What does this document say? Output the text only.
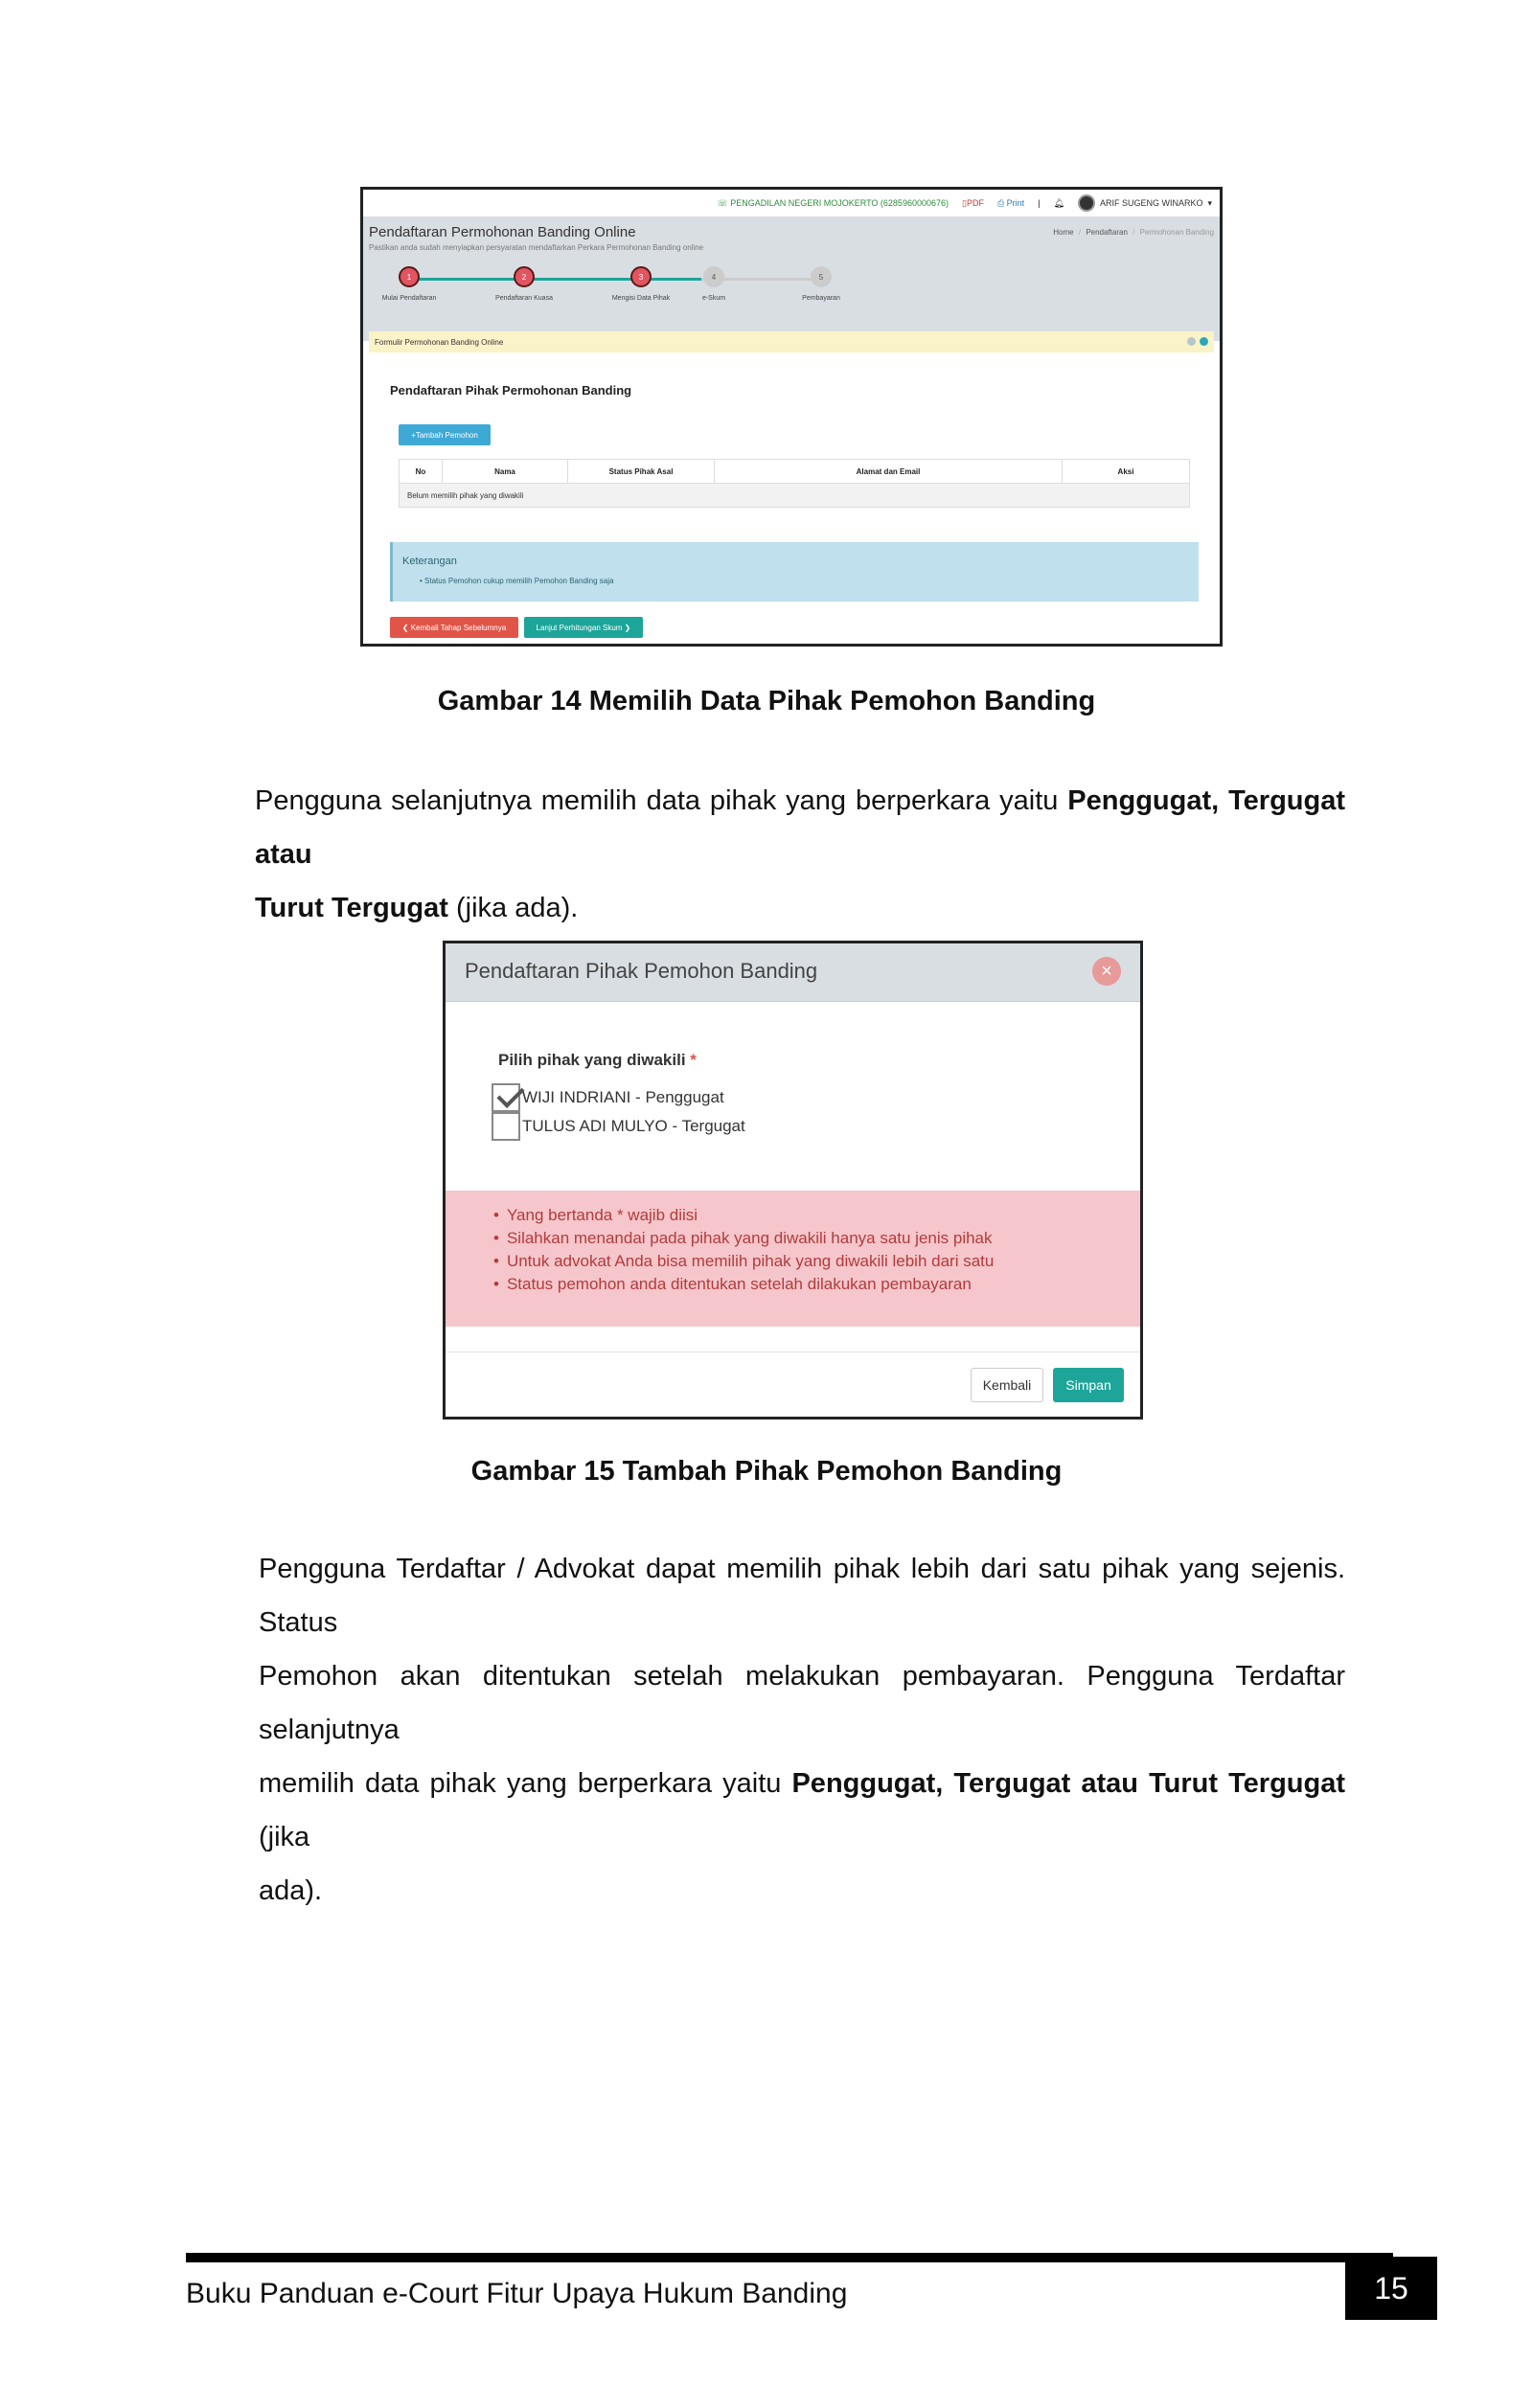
☏ PENGADILAN NEGERI MOJOKERTO (6285960000676) ▯PDF ⎙ Print | 🔔︎	ARIF SUGENG WINARKO ▾
Pendaftaran Permohonan Banding Online
Pastikan anda sudah menyiapkan persyaratan mendaftarkan Perkara Permohonan Banding online
Home / Pendaftaran / Permohonan Banding
1
Mulai Pendaftaran
2
Pendaftaran Kuasa
3
Mengisi Data Pihak
4
e-Skum
5
Pembayaran
Formulir Permohonan Banding Online
Pendaftaran Pihak Permohonan Banding
+Tambah Pemohon
No	Nama	Status Pihak Asal	Alamat dan Email	Aksi
Belum memilih pihak yang diwakili
Keterangan
• Status Pemohon cukup memilih Pemohon Banding saja
❮ Kembali Tahap Sebelumnya	Lanjut Perhitungan Skum ❯
Gambar 14 Memilih Data Pihak Pemohon Banding
Pengguna selanjutnya memilih data pihak yang berperkara yaitu Penggugat, Tergugat atau
Turut Tergugat (jika ada).
Pendaftaran Pihak Pemohon Banding	×
Pilih pihak yang diwakili *
WIJI INDRIANI - Penggugat
TULUS ADI MULYO - Tergugat
• Yang bertanda * wajib diisi
• Silahkan menandai pada pihak yang diwakili hanya satu jenis pihak
• Untuk advokat Anda bisa memilih pihak yang diwakili lebih dari satu
• Status pemohon anda ditentukan setelah dilakukan pembayaran
Kembali	Simpan
Gambar 15 Tambah Pihak Pemohon Banding
Pengguna Terdaftar / Advokat dapat memilih pihak lebih dari satu pihak yang sejenis. Status
Pemohon akan ditentukan setelah melakukan pembayaran. Pengguna Terdaftar selanjutnya
memilih data pihak yang berperkara yaitu Penggugat, Tergugat atau Turut Tergugat (jika
ada).
Buku Panduan e-Court Fitur Upaya Hukum Banding	15
